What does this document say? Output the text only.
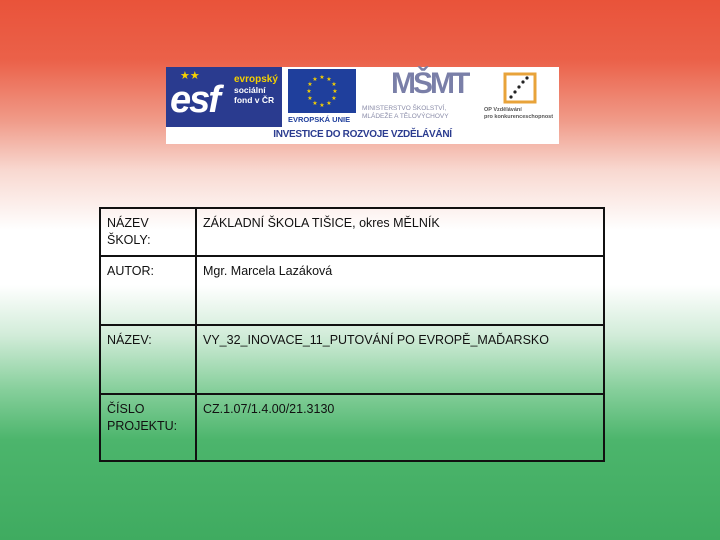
★★
esf evropský
sociální
fond v ČR
★ ★
★
★
★
★
★
★
★
★
★
★
EVROPSKÁ UNIE
MŠMT
MINISTERSTVO ŠKOLSTVÍ,
MLÁDEŽE A TĚLOVÝCHOVY
OP Vzdělávání
pro konkurenceschopnost
INVESTICE DO ROZVOJE VZDĚLÁVÁNÍ
NÁZEV ŠKOLY:	ZÁKLADNÍ ŠKOLA TIŠICE, okres MĚLNÍK
AUTOR:	Mgr. Marcela Lazáková
NÁZEV:	VY_32_INOVACE_11_PUTOVÁNÍ PO EVROPĚ_MAĎARSKO
ČÍSLO PROJEKTU:	CZ.1.07/1.4.00/21.3130
